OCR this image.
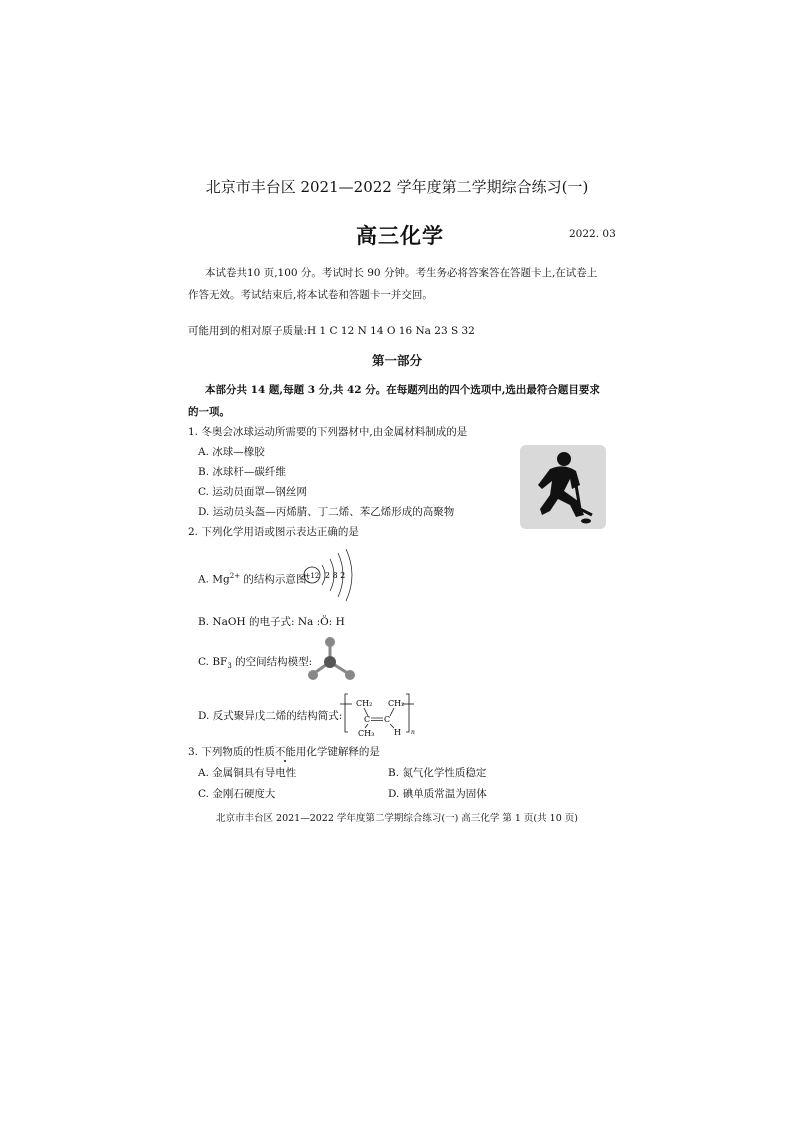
北京市丰台区 2021—2022 学年度第二学期综合练习(一)
高三化学	2022. 03
本试卷共10 页,100 分。考试时长 90 分钟。考生务必将答案答在答题卡上,在试卷上
作答无效。考试结束后,将本试卷和答题卡一并交回。
可能用到的相对原子质量:H 1 C 12 N 14 O 16 Na 23 S 32
第一部分
本部分共 14 题,每题 3 分,共 42 分。在每题列出的四个选项中,选出最符合题目要求
的一项。
1. 冬奥会冰球运动所需要的下列器材中,由金属材料制成的是
A. 冰球—橡胶
B. 冰球杆—碳纤维
C. 运动员面罩—钢丝网
D. 运动员头盔—丙烯腈、丁二烯、苯乙烯形成的高聚物
2. 下列化学用语或图示表达正确的是
A. $Mg^{2+}$ 的结构示意图:
+12 2 8 2
B. NaOH 的电子式: Na :Ö: H
C. $BF_3$ 的空间结构模型:
D. 反式聚异戊二烯的结构简式:
CH₂
C C
CH₃
CH₂
H n
3. 下列物质的性质不能用化学键解释的是
A. 金属铜具有导电性	B. 氮气化学性质稳定
C. 金刚石硬度大	D. 碘单质常温为固体
北京市丰台区 2021—2022 学年度第二学期综合练习(一) 高三化学 第 1 页(共 10 页)
